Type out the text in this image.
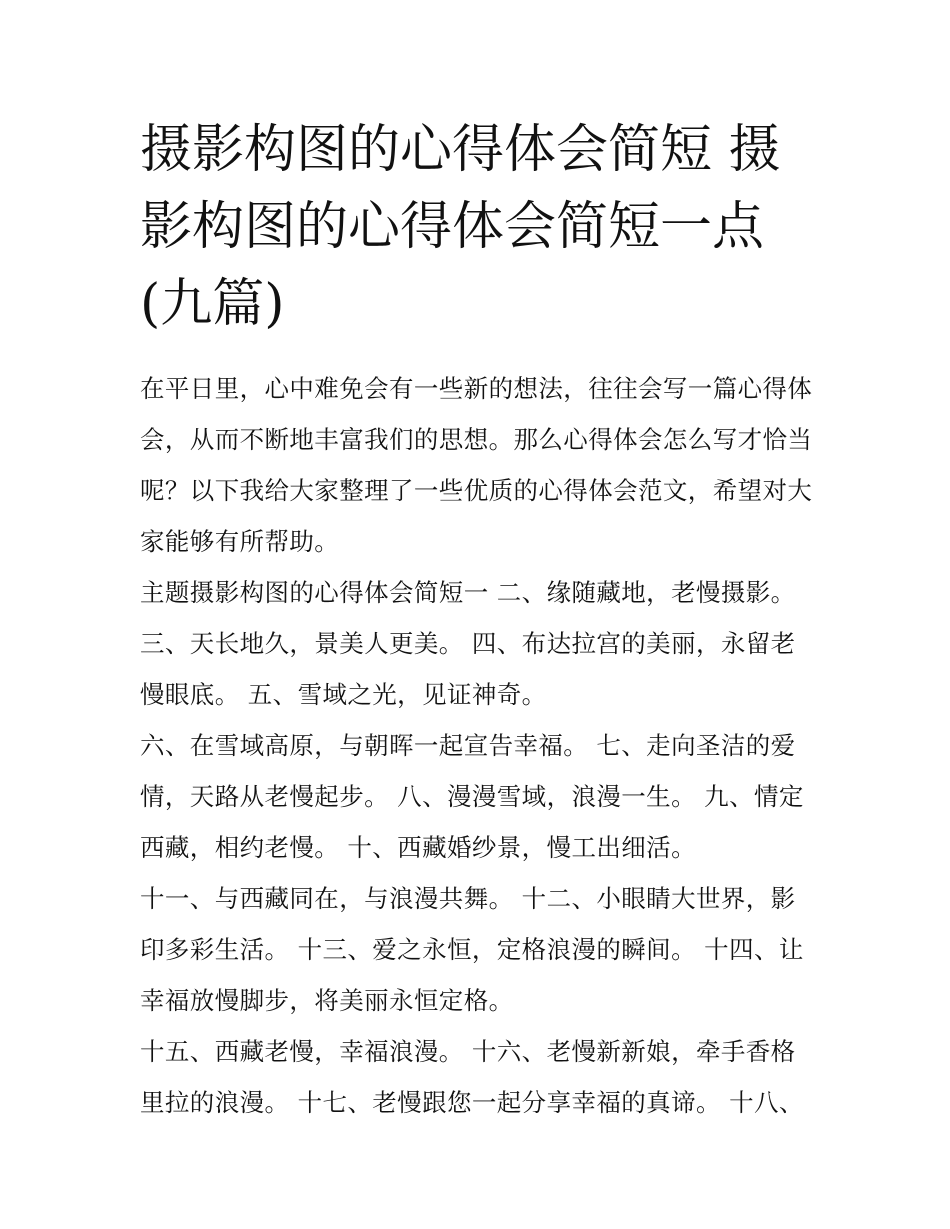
摄影构图的心得体会简短 摄影构图的心得体会简短一点(九篇)

在平日里，心中难免会有一些新的想法，往往会写一篇心得体会，从而不断地丰富我们的思想。那么心得体会怎么写才恰当呢？以下我给大家整理了一些优质的心得体会范文，希望对大家能够有所帮助。

主题摄影构图的心得体会简短一 二、缘随藏地，老慢摄影。 三、天长地久，景美人更美。 四、布达拉宫的美丽，永留老慢眼底。 五、雪域之光，见证神奇。

六、在雪域高原，与朝晖一起宣告幸福。 七、走向圣洁的爱情，天路从老慢起步。 八、漫漫雪域，浪漫一生。 九、情定西藏，相约老慢。 十、西藏婚纱景，慢工出细活。

十一、与西藏同在，与浪漫共舞。 十二、小眼睛大世界，影印多彩生活。 十三、爱之永恒，定格浪漫的瞬间。 十四、让幸福放慢脚步，将美丽永恒定格。

十五、西藏老慢，幸福浪漫。 十六、老慢新新娘，牵手香格里拉的浪漫。 十七、老慢跟您一起分享幸福的真谛。 十八、
